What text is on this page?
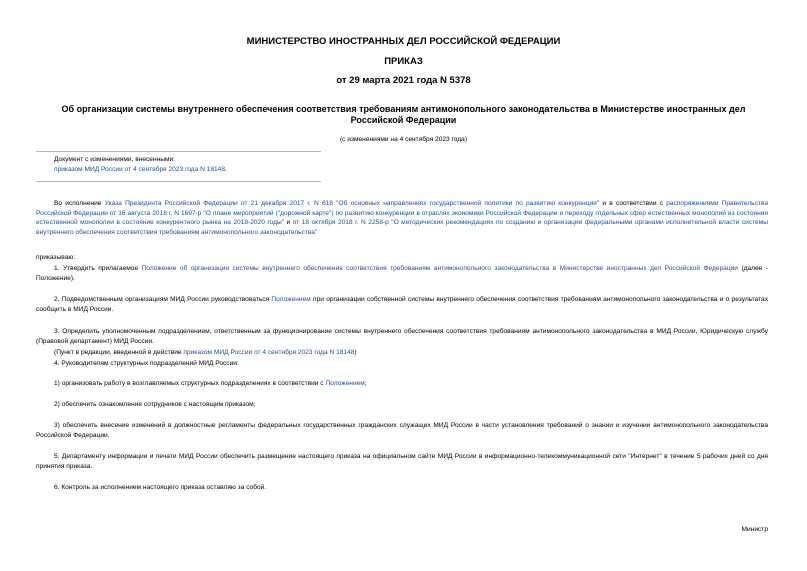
МИНИСТЕРСТВО ИНОСТРАННЫХ ДЕЛ РОССИЙСКОЙ ФЕДЕРАЦИИ
ПРИКАЗ
от 29 марта 2021 года N 5378
Об организации системы внутреннего обеспечения соответствия требованиям антимонопольного законодательства в Министерстве иностранных дел Российской Федерации
(с изменениями на 4 сентября 2023 года)
Документ с изменениями, внесенными:
приказом МИД России от 4 сентября 2023 года N 18148.
Во исполнение Указа Президента Российской Федерации от 21 декабря 2017 г. N 618 "Об основных направлениях государственной политики по развитию конкуренции" и в соответствии с распоряжениями Правительства Российской Федерации от 16 августа 2018 г. N 1697-р "О плане мероприятий ("дорожной карте") по развитию конкуренции в отраслях экономики Российской Федерации и переходу отдельных сфер естественных монополий из состояния естественной монополии в состояние конкурентного рынка на 2018-2020 годы" и от 18 октября 2018 г. N 2258-р "О методических рекомендациях по созданию и организации федеральными органами исполнительной власти системы внутреннего обеспечения соответствия требованиям антимонопольного законодательства"
приказываю:
1. Утвердить прилагаемое Положение об организации системы внутреннего обеспечения соответствия требованиям антимонопольного законодательства в Министерстве иностранных дел Российской Федерации (далее - Положение).
2. Подведомственным организациям МИД России руководствоваться Положением при организации собственной системы внутреннего обеспечения соответствия требованиям антимонопольного законодательства и о результатах сообщить в МИД России.
3. Определить уполномоченным подразделением, ответственным за функционирование системы внутреннего обеспечения соответствия требованиям антимонопольного законодательства в МИД России, Юридическую службу (Правовой департамент) МИД России.
(Пункт в редакции, введенной в действие приказом МИД России от 4 сентября 2023 года N 18148)
4. Руководителям структурных подразделений МИД России:
1) организовать работу в возглавляемых структурных подразделениях в соответствии с Положением;
2) обеспечить ознакомление сотрудников с настоящим приказом;
3) обеспечить внесение изменений в должностные регламенты федеральных государственных гражданских служащих МИД России в части установления требований о знании и изучении антимонопольного законодательства Российской Федерации.
5. Департаменту информации и печати МИД России обеспечить размещение настоящего приказа на официальном сайте МИД России в информационно-телекоммуникационной сети "Интернет" в течение 5 рабочих дней со дня принятия приказа.
6. Контроль за исполнением настоящего приказа оставляю за собой.
Министр
